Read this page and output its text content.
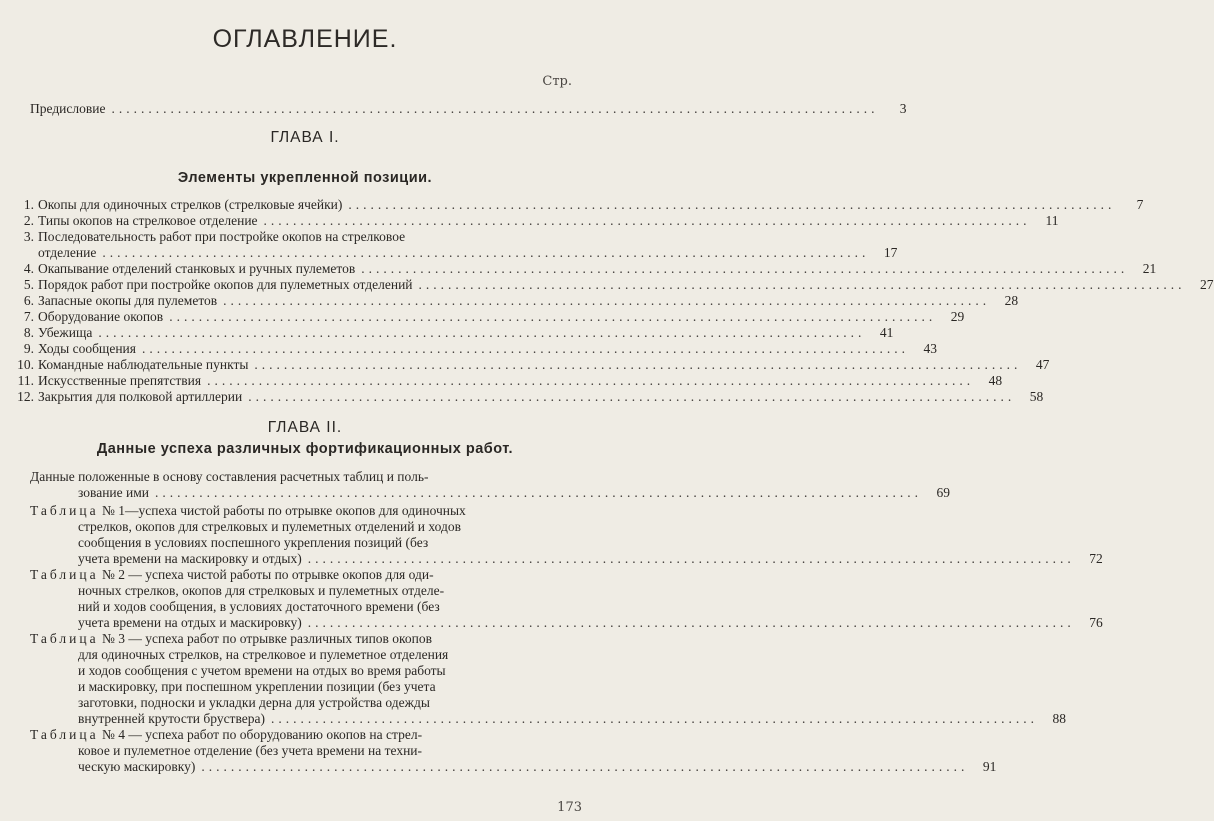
ОГЛАВЛЕНИЕ.
Стр.
Предисловие ........................................................................................................	3
ГЛАВА I.
Элементы укрепленной позиции.
1. Окопы для одиночных стрелков (стрелковые ячейки) ........................................................................................................	7
2. Типы окопов на стрелковое отделение ........................................................................................................	11
3. Последовательность работ при постройке окопов на стрелковое
отделение ........................................................................................................	17
4. Окапывание отделений станковых и ручных пулеметов ........................................................................................................	21
5. Порядок работ при постройке окопов для пулеметных отделений ........................................................................................................	27
6. Запасные окопы для пулеметов ........................................................................................................	28
7. Оборудование окопов ........................................................................................................	29
8. Убежища ........................................................................................................	41
9. Ходы сообщения ........................................................................................................	43
10. Командные наблюдательные пункты ........................................................................................................	47
11. Искусственные препятствия ........................................................................................................	48
12. Закрытия для полковой артиллерии ........................................................................................................	58
ГЛАВА II.
Данные успеха различных фортификационных работ.
Данные положенные в основу составления расчетных таблиц и поль-
зование ими ........................................................................................................	69
Таблица № 1—успеха чистой работы по отрывке окопов для одиночных
стрелков, окопов для стрелковых и пулеметных отделений и ходов
сообщения в условиях поспешного укрепления позиций (без
учета времени на маскировку и отдых) ........................................................................................................	72
Таблица № 2 — успеха чистой работы по отрывке окопов для оди-
ночных стрелков, окопов для стрелковых и пулеметных отделе-
ний и ходов сообщения, в условиях достаточного времени (без
учета времени на отдых и маскировку) ........................................................................................................	76
Таблица № 3 — успеха работ по отрывке различных типов окопов
для одиночных стрелков, на стрелковое и пулеметное отделения
и ходов сообщения с учетом времени на отдых во время работы
и маскировку, при поспешном укреплении позиции (без учета
заготовки, подноски и укладки дерна для устройства одежды
внутренней крутости бруствера) ........................................................................................................	88
Таблица № 4 — успеха работ по оборудованию окопов на стрел-
ковое и пулеметное отделение (без учета времени на техни-
ческую маскировку) ........................................................................................................	91
173
